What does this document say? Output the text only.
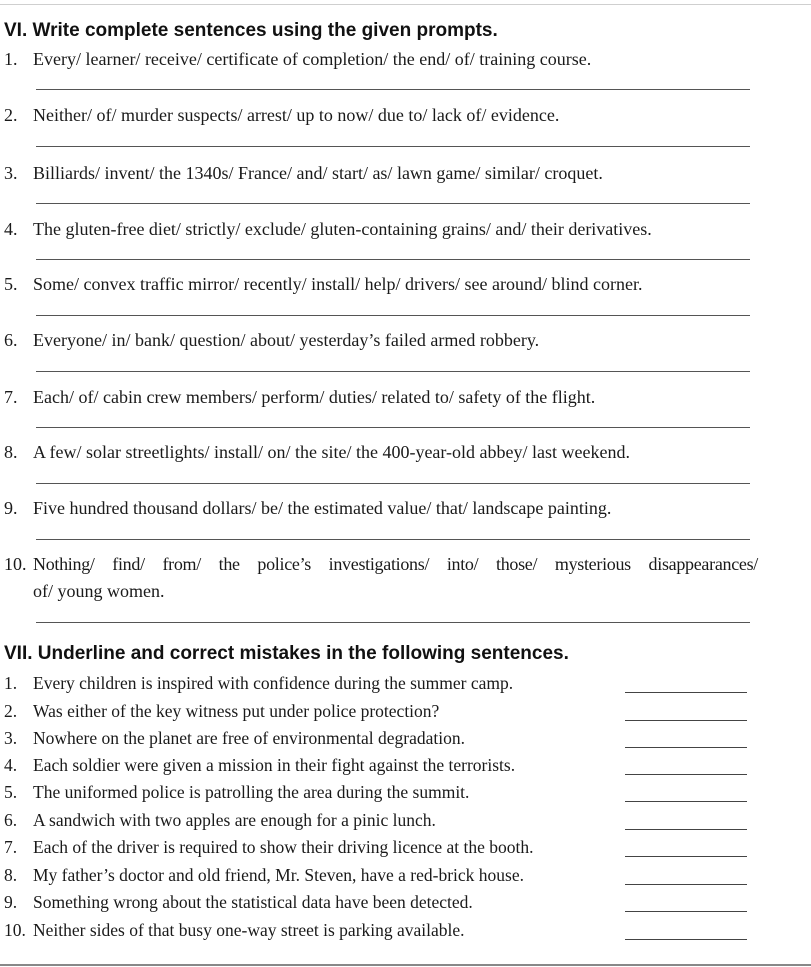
VI. Write complete sentences using the given prompts.
1. Every/ learner/ receive/ certificate of completion/ the end/ of/ training course.
2. Neither/ of/ murder suspects/ arrest/ up to now/ due to/ lack of/ evidence.
3. Billiards/ invent/ the 1340s/ France/ and/ start/ as/ lawn game/ similar/ croquet.
4. The gluten-free diet/ strictly/ exclude/ gluten-containing grains/ and/ their derivatives.
5. Some/ convex traffic mirror/ recently/ install/ help/ drivers/ see around/ blind corner.
6. Everyone/ in/ bank/ question/ about/ yesterday’s failed armed robbery.
7. Each/ of/ cabin crew members/ perform/ duties/ related to/ safety of the flight.
8. A few/ solar streetlights/ install/ on/ the site/ the 400-year-old abbey/ last weekend.
9. Five hundred thousand dollars/ be/ the estimated value/ that/ landscape painting.
10. Nothing/ find/ from/ the police’s investigations/ into/ those/ mysterious disappearances/
of/ young women.
VII. Underline and correct mistakes in the following sentences.
1. Every children is inspired with confidence during the summer camp.
2. Was either of the key witness put under police protection?
3. Nowhere on the planet are free of environmental degradation.
4. Each soldier were given a mission in their fight against the terrorists.
5. The uniformed police is patrolling the area during the summit.
6. A sandwich with two apples are enough for a pinic lunch.
7. Each of the driver is required to show their driving licence at the booth.
8. My father’s doctor and old friend, Mr. Steven, have a red-brick house.
9. Something wrong about the statistical data have been detected.
10. Neither sides of that busy one-way street is parking available.
